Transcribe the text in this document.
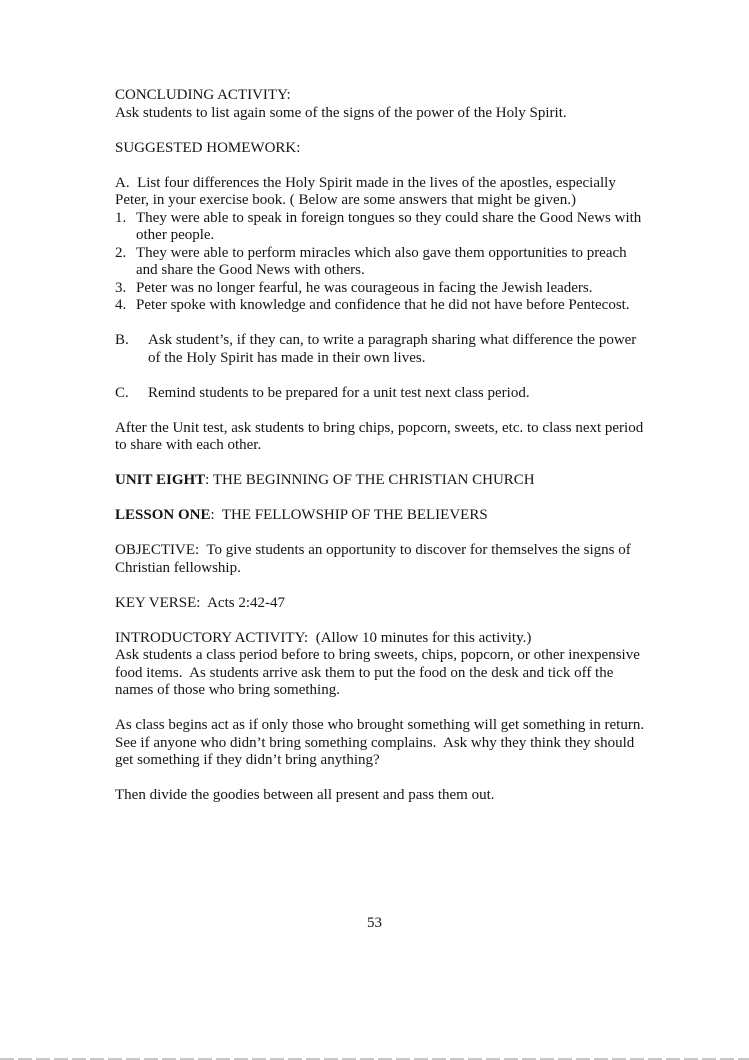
CONCLUDING ACTIVITY:
Ask students to list again some of the signs of the power of the Holy Spirit.
SUGGESTED HOMEWORK:
A.  List four differences the Holy Spirit made in the lives of the apostles, especially Peter, in your exercise book. ( Below are some answers that might be given.)
1. They were able to speak in foreign tongues so they could share the Good News with other people.
2. They were able to perform miracles which also gave them opportunities to preach and share the Good News with others.
3. Peter was no longer fearful, he was courageous in facing the Jewish leaders.
4. Peter spoke with knowledge and confidence that he did not have before Pentecost.
B.	Ask student’s, if they can, to write a paragraph sharing what difference the power of the Holy Spirit has made in their own lives.
C.	Remind students to be prepared for a unit test next class period.
After the Unit test, ask students to bring chips, popcorn, sweets, etc. to class next period to share with each other.
UNIT EIGHT: THE BEGINNING OF THE CHRISTIAN CHURCH
LESSON ONE:  THE FELLOWSHIP OF THE BELIEVERS
OBJECTIVE:  To give students an opportunity to discover for themselves the signs of Christian fellowship.
KEY VERSE:  Acts 2:42-47
INTRODUCTORY ACTIVITY:  (Allow 10 minutes for this activity.)
Ask students a class period before to bring sweets, chips, popcorn, or other inexpensive food items.  As students arrive ask them to put the food on the desk and tick off the names of those who bring something.
As class begins act as if only those who brought something will get something in return.  See if anyone who didn’t bring something complains.  Ask why they think they should get something if they didn’t bring anything?
Then divide the goodies between all present and pass them out.
53
